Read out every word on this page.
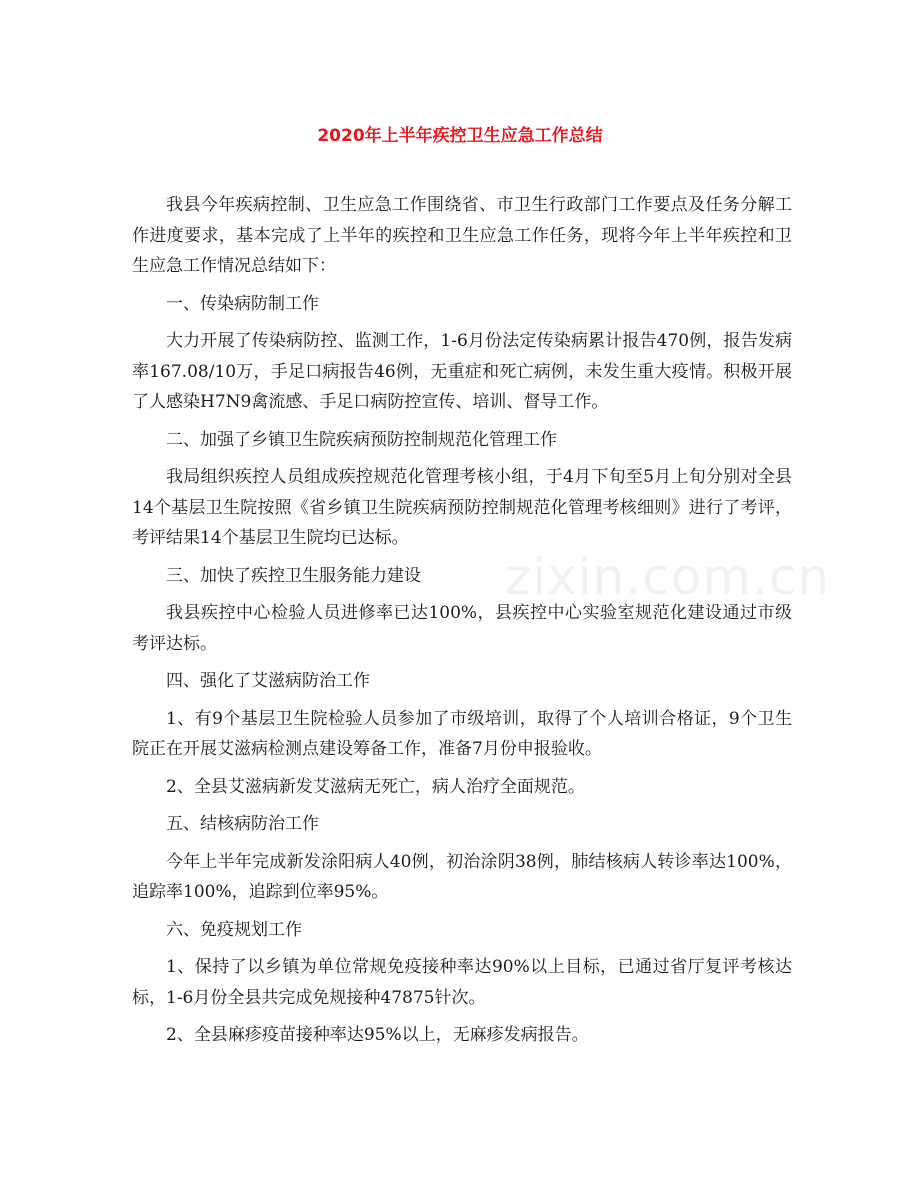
2020年上半年疾控卫生应急工作总结

我县今年疾病控制、卫生应急工作围绕省、市卫生行政部门工作要点及任务分解工作进度要求，基本完成了上半年的疾控和卫生应急工作任务，现将今年上半年疾控和卫生应急工作情况总结如下：

一、传染病防制工作

大力开展了传染病防控、监测工作，1-6月份法定传染病累计报告470例，报告发病率167.08/10万，手足口病报告46例，无重症和死亡病例，未发生重大疫情。积极开展了人感染H7N9禽流感、手足口病防控宣传、培训、督导工作。

二、加强了乡镇卫生院疾病预防控制规范化管理工作

我局组织疾控人员组成疾控规范化管理考核小组，于4月下旬至5月上旬分别对全县14个基层卫生院按照《省乡镇卫生院疾病预防控制规范化管理考核细则》进行了考评，考评结果14个基层卫生院均已达标。

三、加快了疾控卫生服务能力建设

我县疾控中心检验人员进修率已达100%，县疾控中心实验室规范化建设通过市级考评达标。

四、强化了艾滋病防治工作

1、有9个基层卫生院检验人员参加了市级培训，取得了个人培训合格证，9个卫生院正在开展艾滋病检测点建设筹备工作，准备7月份申报验收。

2、全县艾滋病新发艾滋病无死亡，病人治疗全面规范。

五、结核病防治工作

今年上半年完成新发涂阳病人40例，初治涂阴38例，肺结核病人转诊率达100%，追踪率100%，追踪到位率95%。

六、免疫规划工作

1、保持了以乡镇为单位常规免疫接种率达90%以上目标，已通过省厅复评考核达标，1-6月份全县共完成免规接种47875针次。

2、全县麻疹疫苗接种率达95%以上，无麻疹发病报告。

zixin.com.cn
